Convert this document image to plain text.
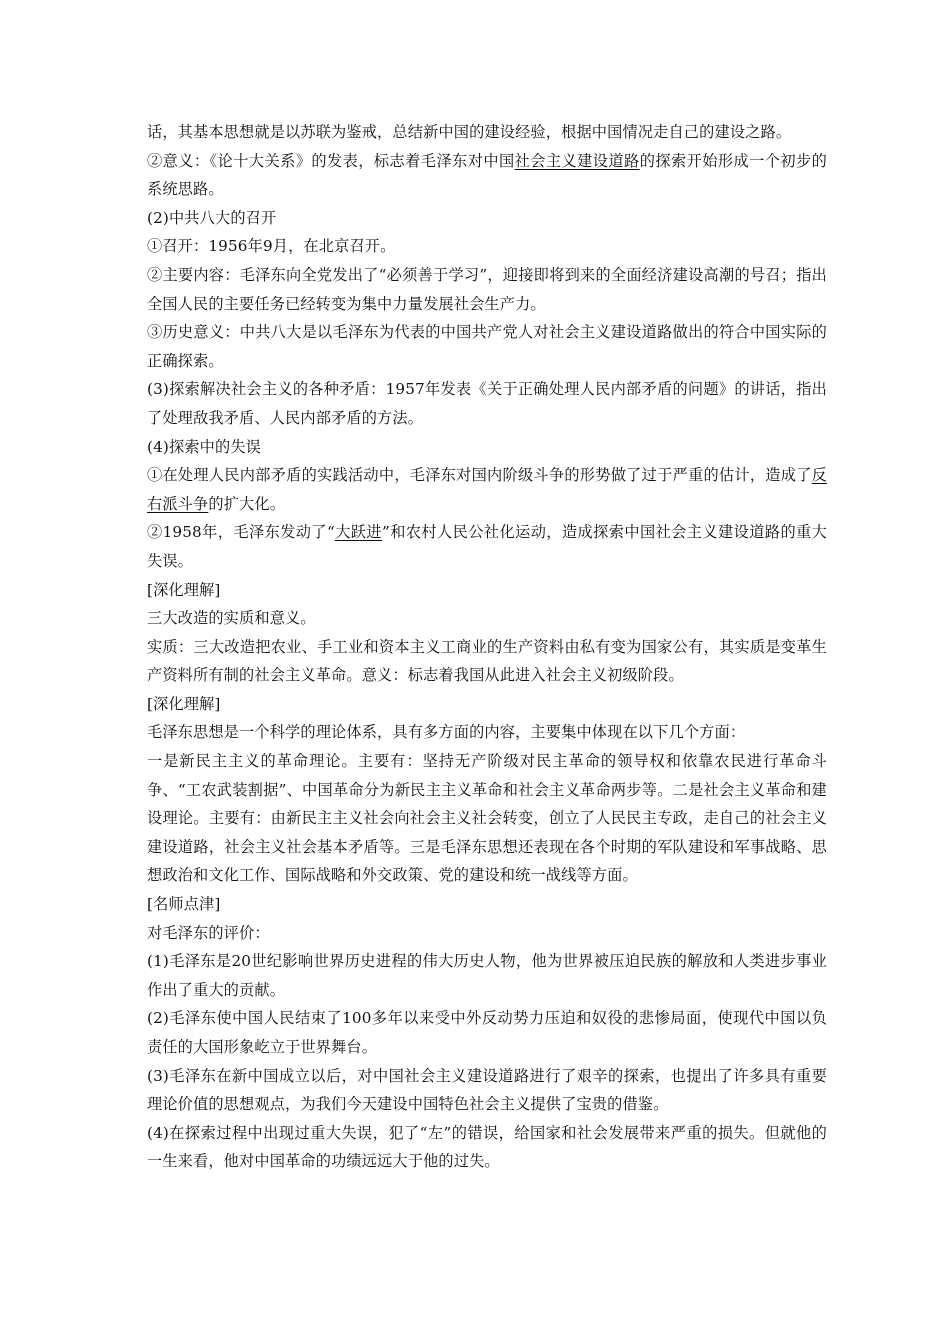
话，其基本思想就是以苏联为鉴戒，总结新中国的建设经验，根据中国情况走自己的建设之路。

②意义：《论十大关系》的发表，标志着毛泽东对中国社会主义建设道路的探索开始形成一个初步的系统思路。

(2)中共八大的召开

①召开：1956年9月，在北京召开。

②主要内容：毛泽东向全党发出了“必须善于学习”，迎接即将到来的全面经济建设高潮的号召；指出全国人民的主要任务已经转变为集中力量发展社会生产力。

③历史意义：中共八大是以毛泽东为代表的中国共产党人对社会主义建设道路做出的符合中国实际的正确探索。

(3)探索解决社会主义的各种矛盾：1957年发表《关于正确处理人民内部矛盾的问题》的讲话，指出了处理敌我矛盾、人民内部矛盾的方法。

(4)探索中的失误

①在处理人民内部矛盾的实践活动中，毛泽东对国内阶级斗争的形势做了过于严重的估计，造成了反右派斗争的扩大化。

②1958年，毛泽东发动了“大跃进”和农村人民公社化运动，造成探索中国社会主义建设道路的重大失误。

[深化理解]

三大改造的实质和意义。

实质：三大改造把农业、手工业和资本主义工商业的生产资料由私有变为国家公有，其实质是变革生产资料所有制的社会主义革命。意义：标志着我国从此进入社会主义初级阶段。

[深化理解]

毛泽东思想是一个科学的理论体系，具有多方面的内容，主要集中体现在以下几个方面：

一是新民主主义的革命理论。主要有：坚持无产阶级对民主革命的领导权和依靠农民进行革命斗争、“工农武装割据”、中国革命分为新民主主义革命和社会主义革命两步等。二是社会主义革命和建设理论。主要有：由新民主主义社会向社会主义社会转变，创立了人民民主专政，走自己的社会主义建设道路，社会主义社会基本矛盾等。三是毛泽东思想还表现在各个时期的军队建设和军事战略、思想政治和文化工作、国际战略和外交政策、党的建设和统一战线等方面。

[名师点津]

对毛泽东的评价：

(1)毛泽东是20世纪影响世界历史进程的伟大历史人物，他为世界被压迫民族的解放和人类进步事业作出了重大的贡献。

(2)毛泽东使中国人民结束了100多年以来受中外反动势力压迫和奴役的悲惨局面，使现代中国以负责任的大国形象屹立于世界舞台。

(3)毛泽东在新中国成立以后，对中国社会主义建设道路进行了艰辛的探索，也提出了许多具有重要理论价值的思想观点，为我们今天建设中国特色社会主义提供了宝贵的借鉴。

(4)在探索过程中出现过重大失误，犯了“左”的错误，给国家和社会发展带来严重的损失。但就他的一生来看，他对中国革命的功绩远远大于他的过失。
